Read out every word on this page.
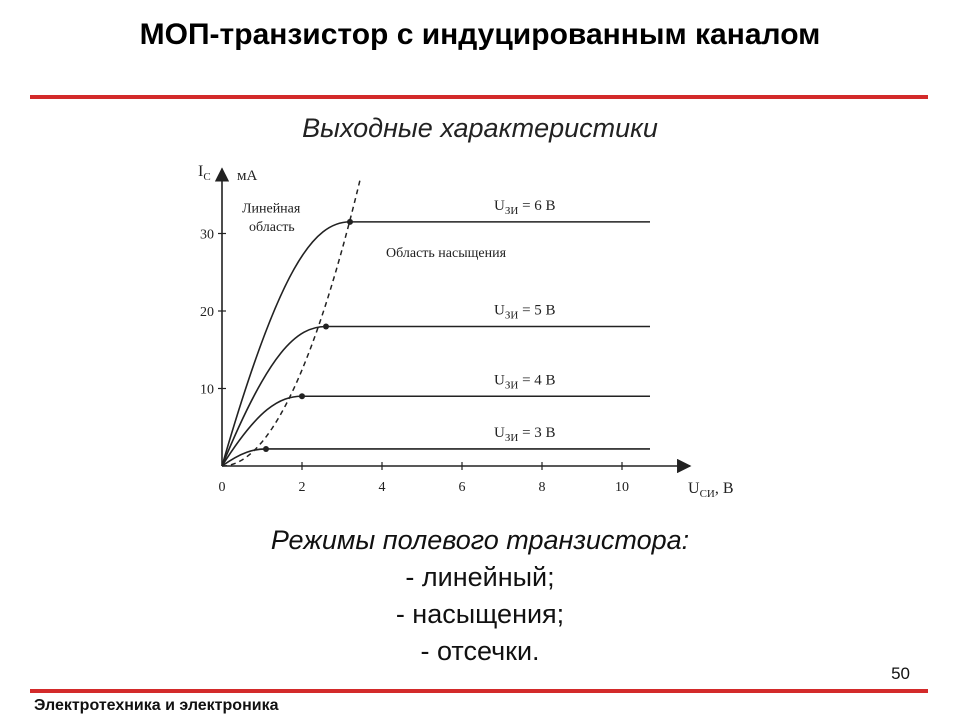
МОП-транзистор с индуцированным каналом
Выходные характеристики
0	2	4	6	8	10
10
20
30
$U_{ЗИ} = 6$ В
$U_{ЗИ} = 5$ В
$U_{ЗИ} = 4$ В
$U_{ЗИ} = 3$ В
$I_С$ мА
$U_{СИ}$, В
Линейная
область
Область насыщения
Режимы полевого транзистора:
- линейный;
- насыщения;
- отсечки.
50
Электротехника и электроника
